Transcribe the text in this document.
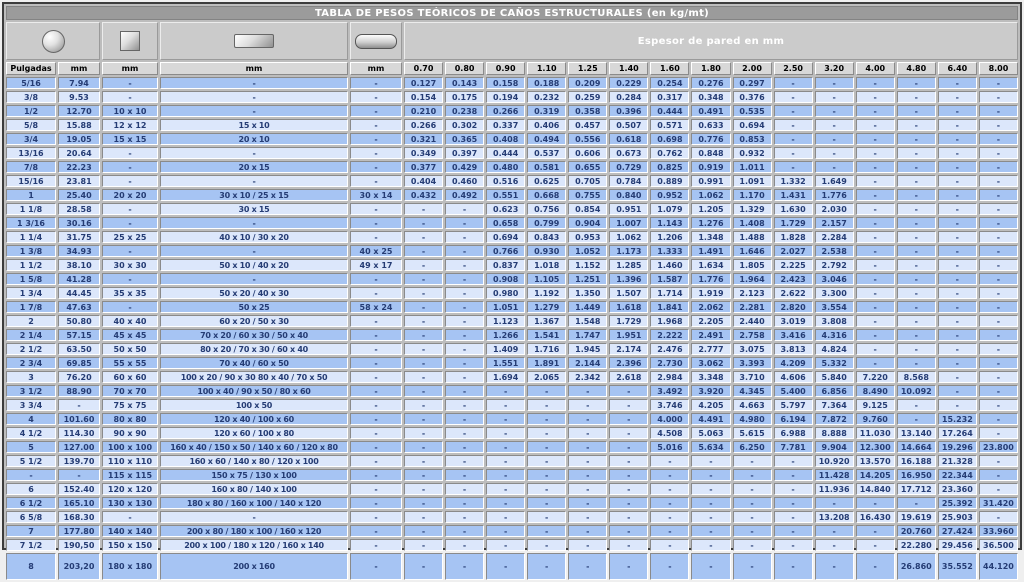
TABLA DE PESOS TEÓRICOS DE CAÑOS ESTRUCTURALES (en kg/mt)																			
					Espesor de pared en mm														
Pulgadas	mm	mm	mm	mm	0.70	0.80	0.90	1.10	1.25	1.40	1.60	1.80	2.00	2.50	3.20	4.00	4.80	6.40	8.00
5/16	7.94	-	-	-	0.127	0.143	0.158	0.188	0.209	0.229	0.254	0.276	0.297	-	-	-	-	-	-
3/8	9.53	-	-	-	0.154	0.175	0.194	0.232	0.259	0.284	0.317	0.348	0.376	-	-	-	-	-	-
1/2	12.70	10 x 10	-	-	0.210	0.238	0.266	0.319	0.358	0.396	0.444	0.491	0.535	-	-	-	-	-	-
5/8	15.88	12 x 12	15 x 10	-	0.266	0.302	0.337	0.406	0.457	0.507	0.571	0.633	0.694	-	-	-	-	-	-
3/4	19.05	15 x 15	20 x 10	-	0.321	0.365	0.408	0.494	0.556	0.618	0.698	0.776	0.853	-	-	-	-	-	-
13/16	20.64	-	-	-	0.349	0.397	0.444	0.537	0.606	0.673	0.762	0.848	0.932	-	-	-	-	-	-
7/8	22.23	-	20 x 15	-	0.377	0.429	0.480	0.581	0.655	0.729	0.825	0.919	1.011	-	-	-	-	-	-
15/16	23.81	-	-	-	0.404	0.460	0.516	0.625	0.705	0.784	0.889	0.991	1.091	1.332	1.649	-	-	-	-
1	25.40	20 x 20	30 x 10 / 25 x 15	30 x 14	0.432	0.492	0.551	0.668	0.755	0.840	0.952	1.062	1.170	1.431	1.776	-	-	-	-
1 1/8	28.58	-	30 x 15	-	-	-	0.623	0.756	0.854	0.951	1.079	1.205	1.329	1.630	2.030	-	-	-	-
1 3/16	30.16	-	-	-	-	-	0.658	0.799	0.904	1.007	1.143	1.276	1.408	1.729	2.157	-	-	-	-
1 1/4	31.75	25 x 25	40 x 10 / 30 x 20	-	-	-	0.694	0.843	0.953	1.062	1.206	1.348	1.488	1.828	2.284	-	-	-	-
1 3/8	34.93	-	-	40 x 25	-	-	0.766	0.930	1.052	1.173	1.333	1.491	1.646	2.027	2.538	-	-	-	-
1 1/2	38.10	30 x 30	50 x 10 / 40 x 20	49 x 17	-	-	0.837	1.018	1.152	1.285	1.460	1.634	1.805	2.225	2.792	-	-	-	-
1 5/8	41.28	-	-	-	-	-	0.908	1.105	1.251	1.396	1.587	1.776	1.964	2.423	3.046	-	-	-	-
1 3/4	44.45	35 x 35	50 x 20 / 40 x 30	-	-	-	0.980	1.192	1.350	1.507	1.714	1.919	2.123	2.622	3.300	-	-	-	-
1 7/8	47.63	-	50 x 25	58 x 24	-	-	1.051	1.279	1.449	1.618	1.841	2.062	2.281	2.820	3.554	-	-	-	-
2	50.80	40 x 40	60 x 20 / 50 x 30	-	-	-	1.123	1.367	1.548	1.729	1.968	2.205	2.440	3.019	3.808	-	-	-	-
2 1/4	57.15	45 x 45	70 x 20 / 60 x 30 / 50 x 40	-	-	-	1.266	1.541	1.747	1.951	2.222	2.491	2.758	3.416	4.316	-	-	-	-
2 1/2	63.50	50 x 50	80 x 20 / 70 x 30 / 60 x 40	-	-	-	1.409	1.716	1.945	2.174	2.476	2.777	3.075	3.813	4.824	-	-	-	-
2 3/4	69.85	55 x 55	70 x 40 / 60 x 50	-	-	-	1.551	1.891	2.144	2.396	2.730	3.062	3.393	4.209	5.332	-	-	-	-
3	76.20	60 x 60	100 x 20 / 90 x 30 80 x 40 / 70 x 50	-	-	-	1.694	2.065	2.342	2.618	2.984	3.348	3.710	4.606	5.840	7.220	8.568	-	-
3 1/2	88.90	70 x 70	100 x 40 / 90 x 50 / 80 x 60	-	-	-	-	-	-	-	3.492	3.920	4.345	5.400	6.856	8.490	10.092	-	-
3 3/4	-	75 x 75	100 x 50	-	-	-	-	-	-	-	3.746	4.205	4.663	5.797	7.364	9.125	-	-	-
4	101.60	80 x 80	120 x 40 / 100 x 60	-	-	-	-	-	-	-	4.000	4.491	4.980	6.194	7.872	9.760	-	15.232	-
4 1/2	114.30	90 x 90	120 x 60 / 100 x 80	-	-	-	-	-	-	-	4.508	5.063	5.615	6.988	8.888	11.030	13.140	17.264	-
5	127.00	100 x 100	160 x 40 / 150 x 50 / 140 x 60 / 120 x 80	-	-	-	-	-	-	-	5.016	5.634	6.250	7.781	9.904	12.300	14.664	19.296	23.800
5 1/2	139.70	110 x 110	160 x 60 / 140 x 80 / 120 x 100	-	-	-	-	-	-	-	-	-	-	-	10.920	13.570	16.188	21.328	-
-	-	115 x 115	150 x 75 / 130 x 100	-	-	-	-	-	-	-	-	-	-	-	11.428	14.205	16.950	22.344	-
6	152.40	120 x 120	160 x 80 / 140 x 100	-	-	-	-	-	-	-	-	-	-	-	11.936	14.840	17.712	23.360	-
6 1/2	165.10	130 x 130	180 x 80 / 160 x 100 / 140 x 120	-	-	-	-	-	-	-	-	-	-	-	-	-	-	25.392	31.420
6 5/8	168.30	-	-	-	-	-	-	-	-	-	-	-	-	-	13.208	16.430	19.619	25.903	-
7	177.80	140 x 140	200 x 80 / 180 x 100 / 160 x 120	-	-	-	-	-	-	-	-	-	-	-	-	-	20.760	27.424	33.960
7 1/2	190,50	150 x 150	200 x 100 / 180 x 120 / 160 x 140	-	-	-	-	-	-	-	-	-	-	-	-	-	22.280	29.456	36.500
8	203,20	180 x 180	200 x 160	-	-	-	-	-	-	-	-	-	-	-	-	-	26.860	35.552	44.120
